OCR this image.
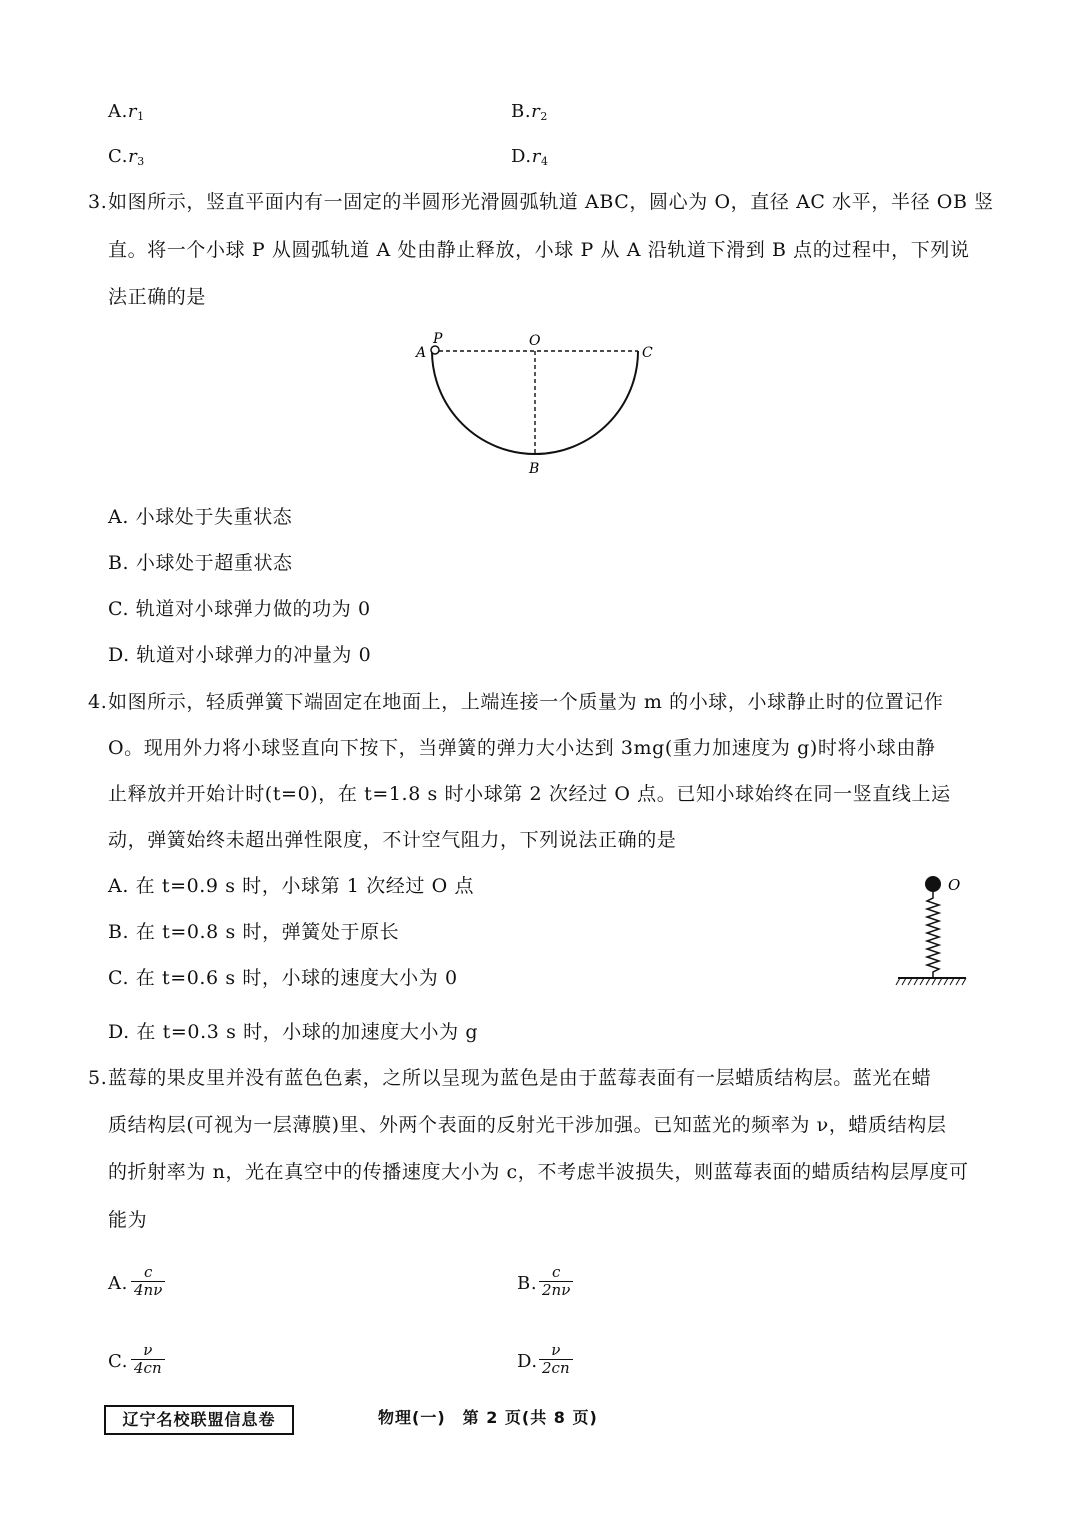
$A.r_1$	$B.r_2$
$C.r_3$	$D.r_4$
3. 如图所示，竖直平面内有一固定的半圆形光滑圆弧轨道 ABC，圆心为 O，直径 AC 水平，半径 OB 竖
直。将一个小球 P 从圆弧轨道 A 处由静止释放，小球 P 从 A 沿轨道下滑到 B 点的过程中，下列说
法正确的是
P
A
O
C
B
A. 小球处于失重状态
B. 小球处于超重状态
C. 轨道对小球弹力做的功为 0
D. 轨道对小球弹力的冲量为 0
4. 如图所示，轻质弹簧下端固定在地面上，上端连接一个质量为 m 的小球，小球静止时的位置记作
O。现用外力将小球竖直向下按下，当弹簧的弹力大小达到 3mg(重力加速度为 g)时将小球由静
止释放并开始计时(t=0)，在 t=1.8 s 时小球第 2 次经过 O 点。已知小球始终在同一竖直线上运
动，弹簧始终未超出弹性限度，不计空气阻力，下列说法正确的是
A. 在 t=0.9 s 时，小球第 1 次经过 O 点
B. 在 t=0.8 s 时，弹簧处于原长
C. 在 t=0.6 s 时，小球的速度大小为 0
D. 在 t=0.3 s 时，小球的加速度大小为 g
O
5. 蓝莓的果皮里并没有蓝色色素，之所以呈现为蓝色是由于蓝莓表面有一层蜡质结构层。蓝光在蜡
质结构层(可视为一层薄膜)里、外两个表面的反射光干涉加强。已知蓝光的频率为 ν，蜡质结构层
的折射率为 n，光在真空中的传播速度大小为 c，不考虑半波损失，则蓝莓表面的蜡质结构层厚度可
能为
A. $\frac{c}{4n\nu}$	B. $\frac{c}{2n\nu}$
C. $\frac{\nu}{4cn}$	D. $\frac{\nu}{2cn}$
辽宁名校联盟信息卷	物理(一)　第 2 页(共 8 页)
